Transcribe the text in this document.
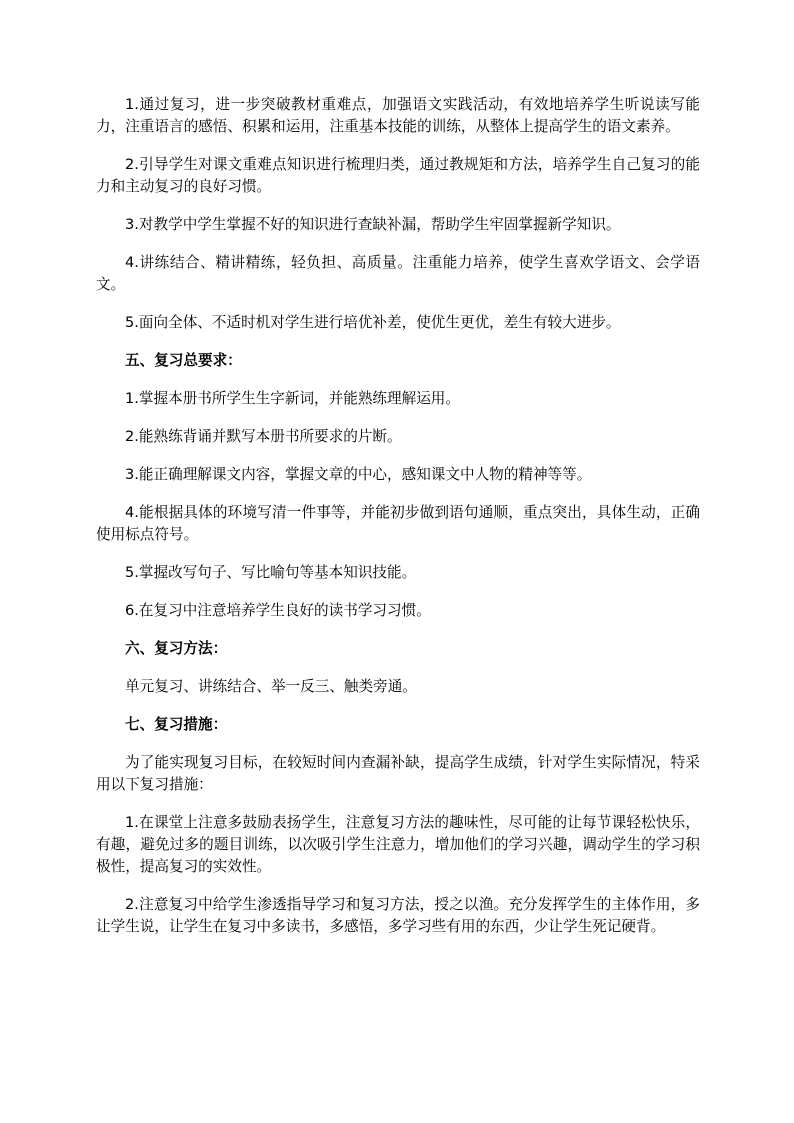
1.通过复习，进一步突破教材重难点，加强语文实践活动，有效地培养学生听说读写能力，注重语言的感悟、积累和运用，注重基本技能的训练，从整体上提高学生的语文素养。

2.引导学生对课文重难点知识进行梳理归类，通过教规矩和方法，培养学生自己复习的能力和主动复习的良好习惯。

3.对教学中学生掌握不好的知识进行查缺补漏，帮助学生牢固掌握新学知识。

4.讲练结合、精讲精练，轻负担、高质量。注重能力培养，使学生喜欢学语文、会学语文。

5.面向全体、不适时机对学生进行培优补差，使优生更优，差生有较大进步。

五、复习总要求：

1.掌握本册书所学生生字新词，并能熟练理解运用。

2.能熟练背诵并默写本册书所要求的片断。

3.能正确理解课文内容，掌握文章的中心，感知课文中人物的精神等等。

4.能根据具体的环境写清一件事等，并能初步做到语句通顺，重点突出，具体生动，正确使用标点符号。

5.掌握改写句子、写比喻句等基本知识技能。

6.在复习中注意培养学生良好的读书学习习惯。

六、复习方法：

单元复习、讲练结合、举一反三、触类旁通。

七、复习措施：

为了能实现复习目标，在较短时间内查漏补缺，提高学生成绩，针对学生实际情况，特采用以下复习措施：

1.在课堂上注意多鼓励表扬学生，注意复习方法的趣味性，尽可能的让每节课轻松快乐，有趣，避免过多的题目训练，以次吸引学生注意力，增加他们的学习兴趣，调动学生的学习积极性，提高复习的实效性。

2.注意复习中给学生渗透指导学习和复习方法，授之以渔。充分发挥学生的主体作用，多让学生说，让学生在复习中多读书，多感悟，多学习些有用的东西，少让学生死记硬背。
